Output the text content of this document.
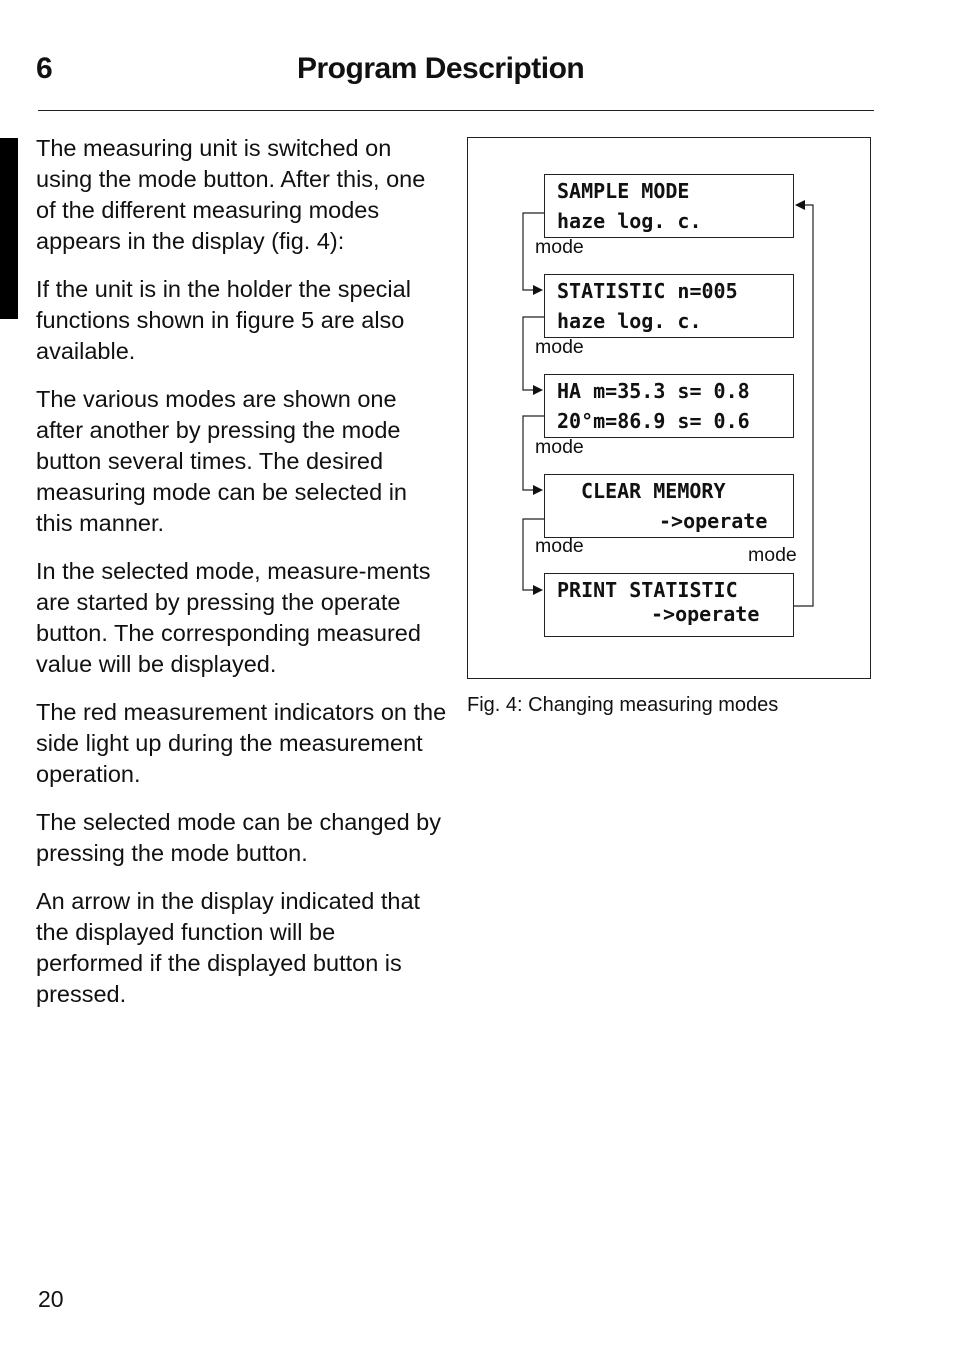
6	Program Description

The measuring unit is switched on using the mode button. After this, one of the different measuring modes appears in the display (fig. 4):

If the unit is in the holder the special functions shown in figure 5 are also available.

The various modes are shown one after another by pressing the mode button several times. The desired measuring mode can be selected in this manner.

In the selected mode, measure-ments are started by pressing the operate button. The corresponding measured value will be displayed.

The red measurement indicators on the side light up during the measurement operation.

The selected mode can be changed by pressing the mode button.

An arrow in the display indicated that the displayed function will be performed if the displayed button is pressed.

SAMPLE MODE
haze log. c.
STATISTIC n=005
haze log. c.
HA m=35.3 s= 0.8
20°m=86.9 s= 0.6
CLEAR MEMORY
->operate
PRINT STATISTIC
->operate
mode
mode
mode
mode	mode
Fig. 4: Changing measuring modes
20
